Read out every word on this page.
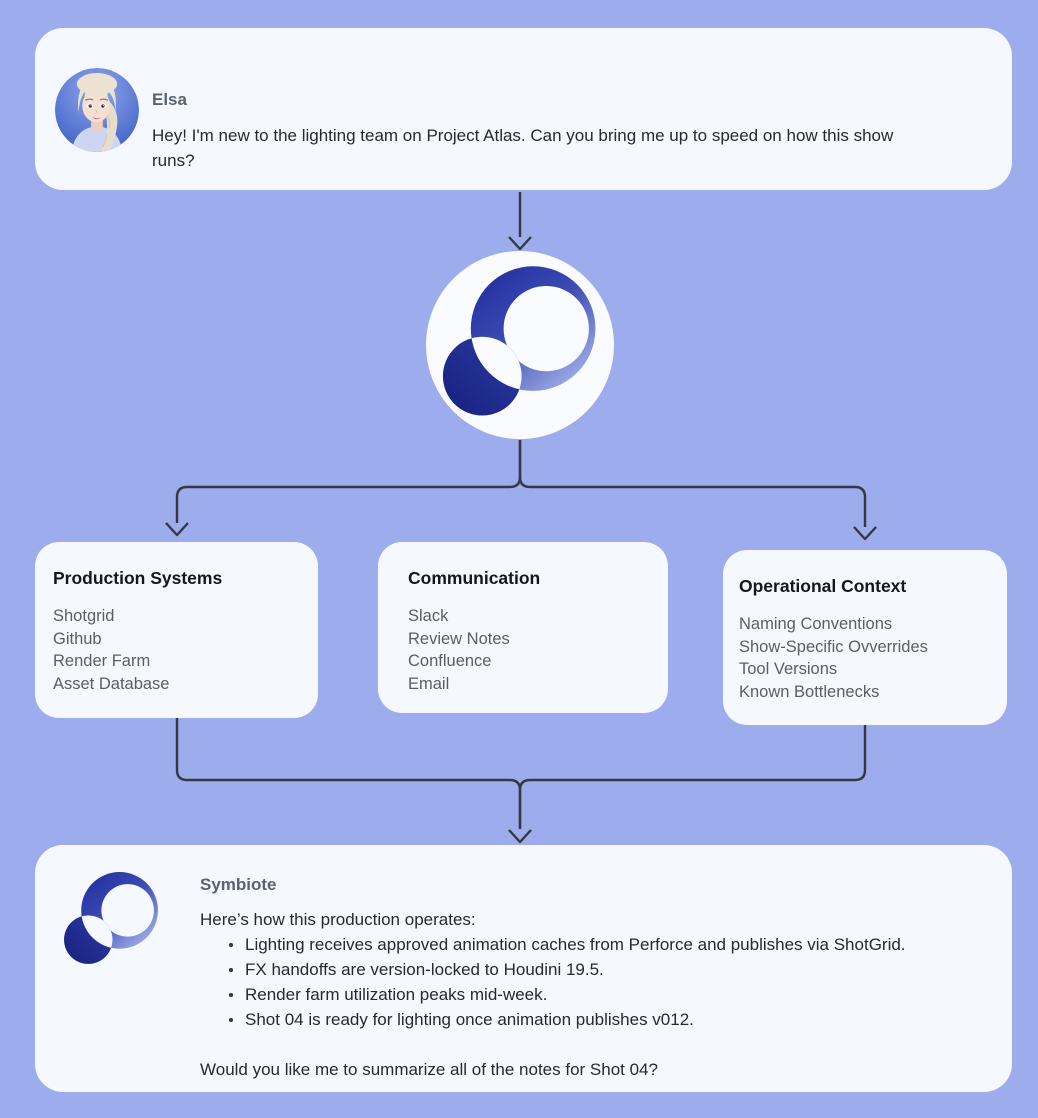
Elsa

Hey! I'm new to the lighting team on Project Atlas. Can you bring me up to speed on how this show runs?

Production Systems
Shotgrid
Github
Render Farm
Asset Database
Communication
Slack
Review Notes
Confluence
Email
Operational Context
Naming Conventions
Show-Specific Ovverrides
Tool Versions
Known Bottlenecks
Symbiote

Here’s how this production operates:

Lighting receives approved animation caches from Perforce and publishes via ShotGrid.
FX handoffs are version-locked to Houdini 19.5.
Render farm utilization peaks mid-week.
Shot 04 is ready for lighting once animation publishes v012.

Would you like me to summarize all of the notes for Shot 04?
